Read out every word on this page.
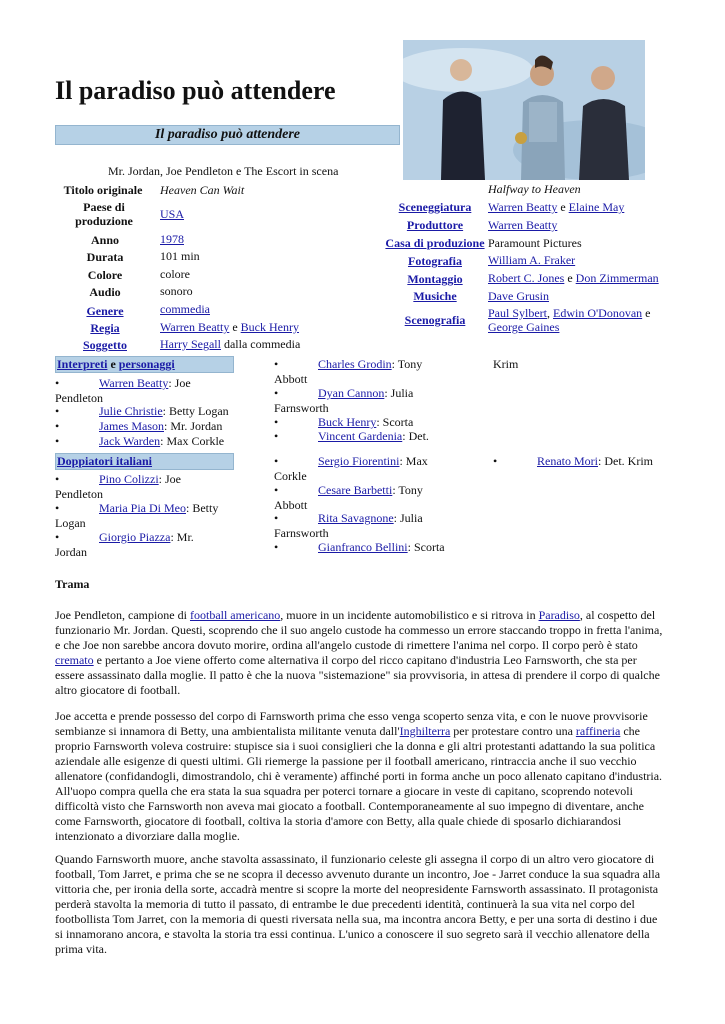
Il paradiso può attendere
Il paradiso può attendere
Mr. Jordan, Joe Pendleton e The Escort in scena
Titolo originale	Heaven Can Wait
Paese di produzione	USA
Anno	1978
Durata	101 min
Colore	colore
Audio	sonoro
Genere	commedia
Regia	Warren Beatty e Buck Henry
Soggetto	Harry Segall dalla commedia
Halfway to Heaven
Sceneggiatura	Warren Beatty e Elaine May
Produttore	Warren Beatty
Casa di produzione Paramount Pictures
Fotografia	William A. Fraker
Montaggio	Robert C. Jones e Don Zimmerman
Musiche	Dave Grusin
Scenografia	Paul Sylbert, Edwin O'Donovan e
George Gaines
Interpreti e personaggi
•	Warren Beatty: Joe
Pendleton
•	Julie Christie: Betty Logan
•	James Mason: Mr. Jordan
•	Jack Warden: Max Corkle
•	Charles Grodin: Tony
Abbott
•	Dyan Cannon: Julia
Farnsworth
•	Buck Henry: Scorta
•	Vincent Gardenia: Det.
Krim
Doppiatori italiani
•	Pino Colizzi: Joe
Pendleton
•	Maria Pia Di Meo: Betty
Logan
•	Giorgio Piazza: Mr.
Jordan
•	Sergio Fiorentini: Max
Corkle
•	Cesare Barbetti: Tony
Abbott
•	Rita Savagnone: Julia
Farnsworth
•	Gianfranco Bellini: Scorta
•	Renato Mori: Det. Krim
Trama
Joe Pendleton, campione di football americano, muore in un incidente automobilistico e si ritrova in Paradiso, al cospetto del funzionario Mr. Jordan. Questi, scoprendo che il suo angelo custode ha commesso un errore staccando troppo in fretta l'anima, e che Joe non sarebbe ancora dovuto morire, ordina all'angelo custode di rimettere l'anima nel corpo. Il corpo però è stato cremato e pertanto a Joe viene offerto come alternativa il corpo del ricco capitano d'industria Leo Farnsworth, che sta per essere assassinato dalla moglie. Il patto è che la nuova "sistemazione" sia provvisoria, in attesa di prendere il corpo di qualche altro giocatore di football.
Joe accetta e prende possesso del corpo di Farnsworth prima che esso venga scoperto senza vita, e con le nuove provvisorie sembianze si innamora di Betty, una ambientalista militante venuta dall'Inghilterra per protestare contro una raffineria che proprio Farnsworth voleva costruire: stupisce sia i suoi consiglieri che la donna e gli altri protestanti adattando la sua politica aziendale alle esigenze di questi ultimi. Gli riemerge la passione per il football americano, rintraccia anche il suo vecchio allenatore (confidandogli, dimostrandolo, chi è veramente) affinché porti in forma anche un poco allenato capitano d'industria. All'uopo compra quella che era stata la sua squadra per poterci tornare a giocare in veste di capitano, scoprendo notevoli difficoltà visto che Farnsworth non aveva mai giocato a football. Contemporaneamente al suo impegno di diventare, anche come Farnsworth, giocatore di football, coltiva la storia d'amore con Betty, alla quale chiede di sposarlo dichiarandosi intenzionato a divorziare dalla moglie.
Quando Farnsworth muore, anche stavolta assassinato, il funzionario celeste gli assegna il corpo di un altro vero giocatore di football, Tom Jarret, e prima che se ne scopra il decesso avvenuto durante un incontro, Joe - Jarret conduce la sua squadra alla vittoria che, per ironia della sorte, accadrà mentre si scopre la morte del neopresidente Farnsworth assassinato. Il protagonista perderà stavolta la memoria di tutto il passato, di entrambe le due precedenti identità, continuerà la sua vita nel corpo del footbollista Tom Jarret, con la memoria di questi riversata nella sua, ma incontra ancora Betty, e per una sorta di destino i due si innamorano ancora, e stavolta la storia tra essi continua. L'unico a conoscere il suo segreto sarà il vecchio allenatore della prima vita.
